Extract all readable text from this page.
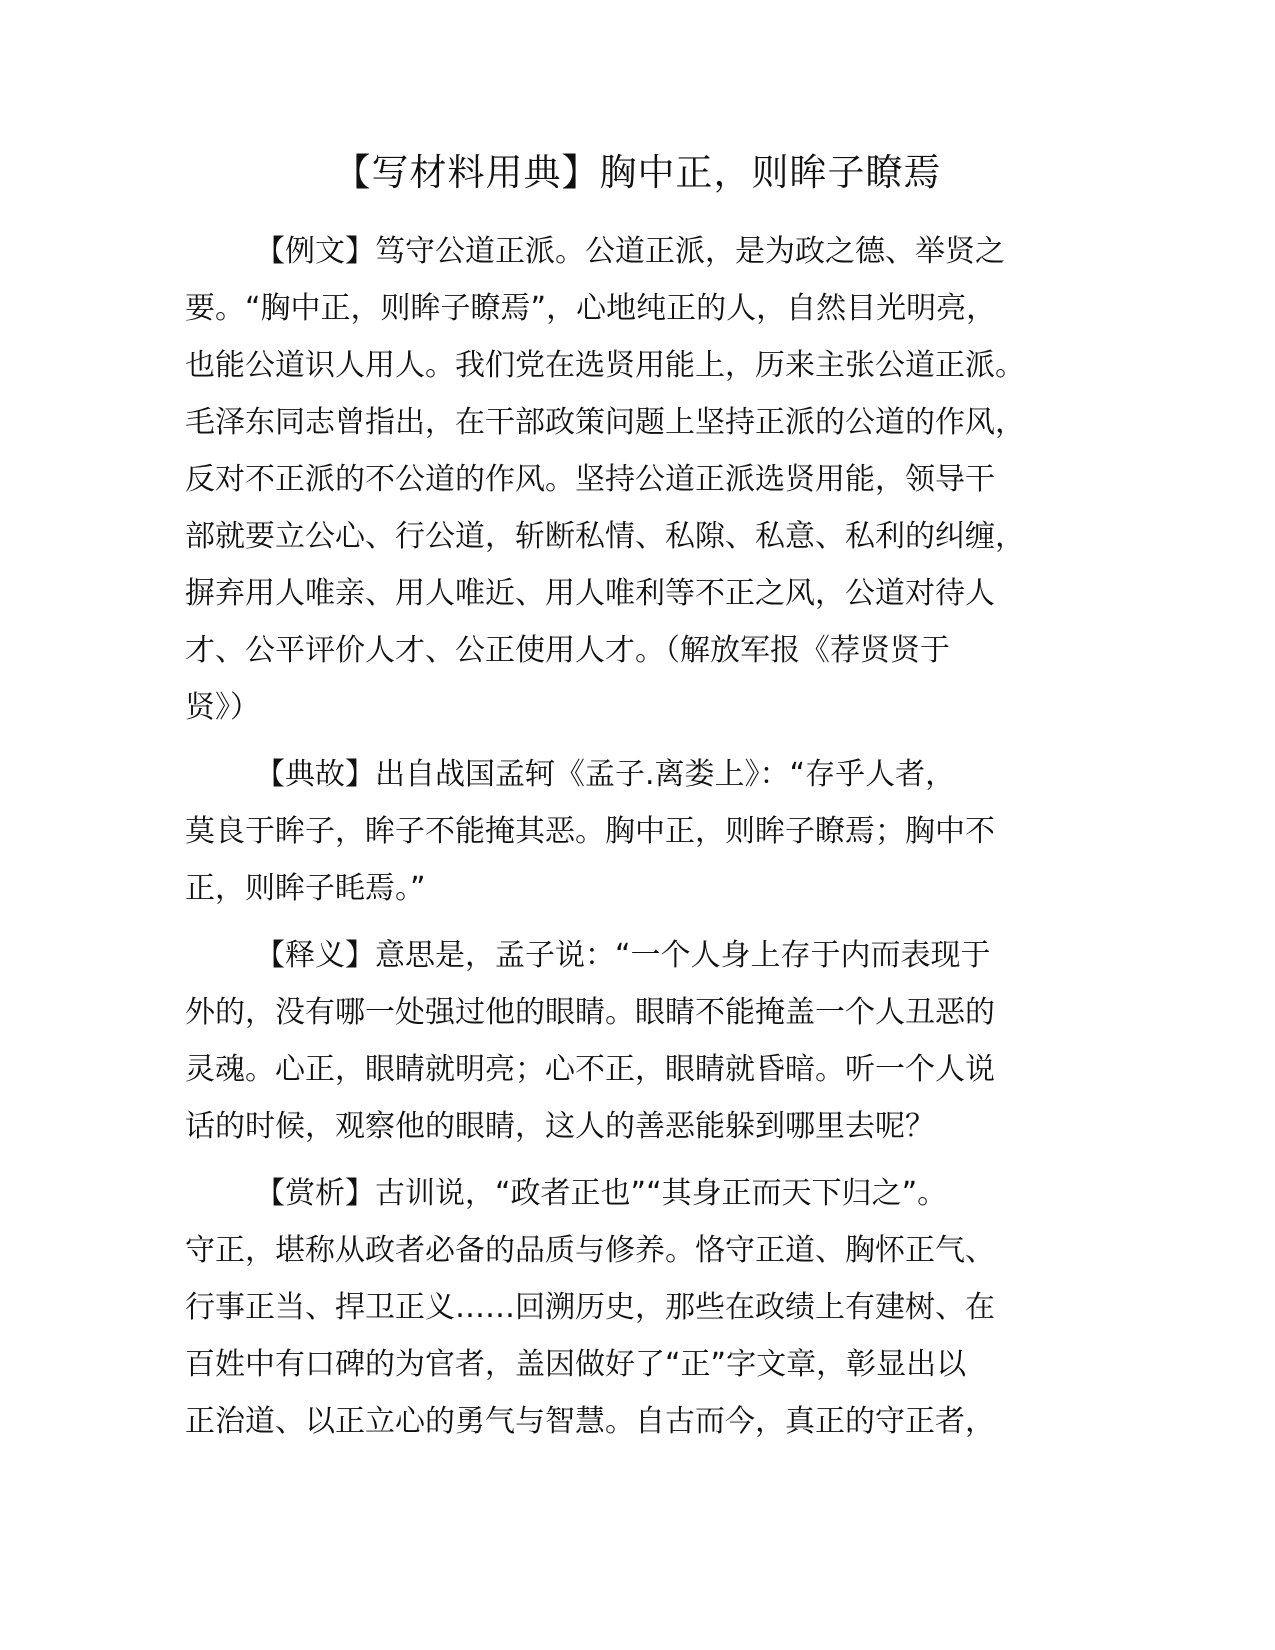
【写材料用典】胸中正，则眸子瞭焉
【例文】笃守公道正派。公道正派，是为政之德、举贤之
要。“胸中正，则眸子瞭焉”，心地纯正的人，自然目光明亮，
也能公道识人用人。我们党在选贤用能上，历来主张公道正派。
毛泽东同志曾指出，在干部政策问题上坚持正派的公道的作风，
反对不正派的不公道的作风。坚持公道正派选贤用能，领导干
部就要立公心、行公道，斩断私情、私隙、私意、私利的纠缠，
摒弃用人唯亲、用人唯近、用人唯利等不正之风，公道对待人
才、公平评价人才、公正使用人才。（解放军报《荐贤贤于
贤》）
【典故】出自战国孟轲《孟子.离娄上》：“存乎人者，
莫良于眸子，眸子不能掩其恶。胸中正，则眸子瞭焉；胸中不
正，则眸子眊焉。”
【释义】意思是，孟子说：“一个人身上存于内而表现于
外的，没有哪一处强过他的眼睛。眼睛不能掩盖一个人丑恶的
灵魂。心正，眼睛就明亮；心不正，眼睛就昏暗。听一个人说
话的时候，观察他的眼睛，这人的善恶能躲到哪里去呢？
【赏析】古训说，“政者正也”“其身正而天下归之”。
守正，堪称从政者必备的品质与修养。恪守正道、胸怀正气、
行事正当、捍卫正义……回溯历史，那些在政绩上有建树、在
百姓中有口碑的为官者，盖因做好了“正”字文章，彰显出以
正治道、以正立心的勇气与智慧。自古而今，真正的守正者，
